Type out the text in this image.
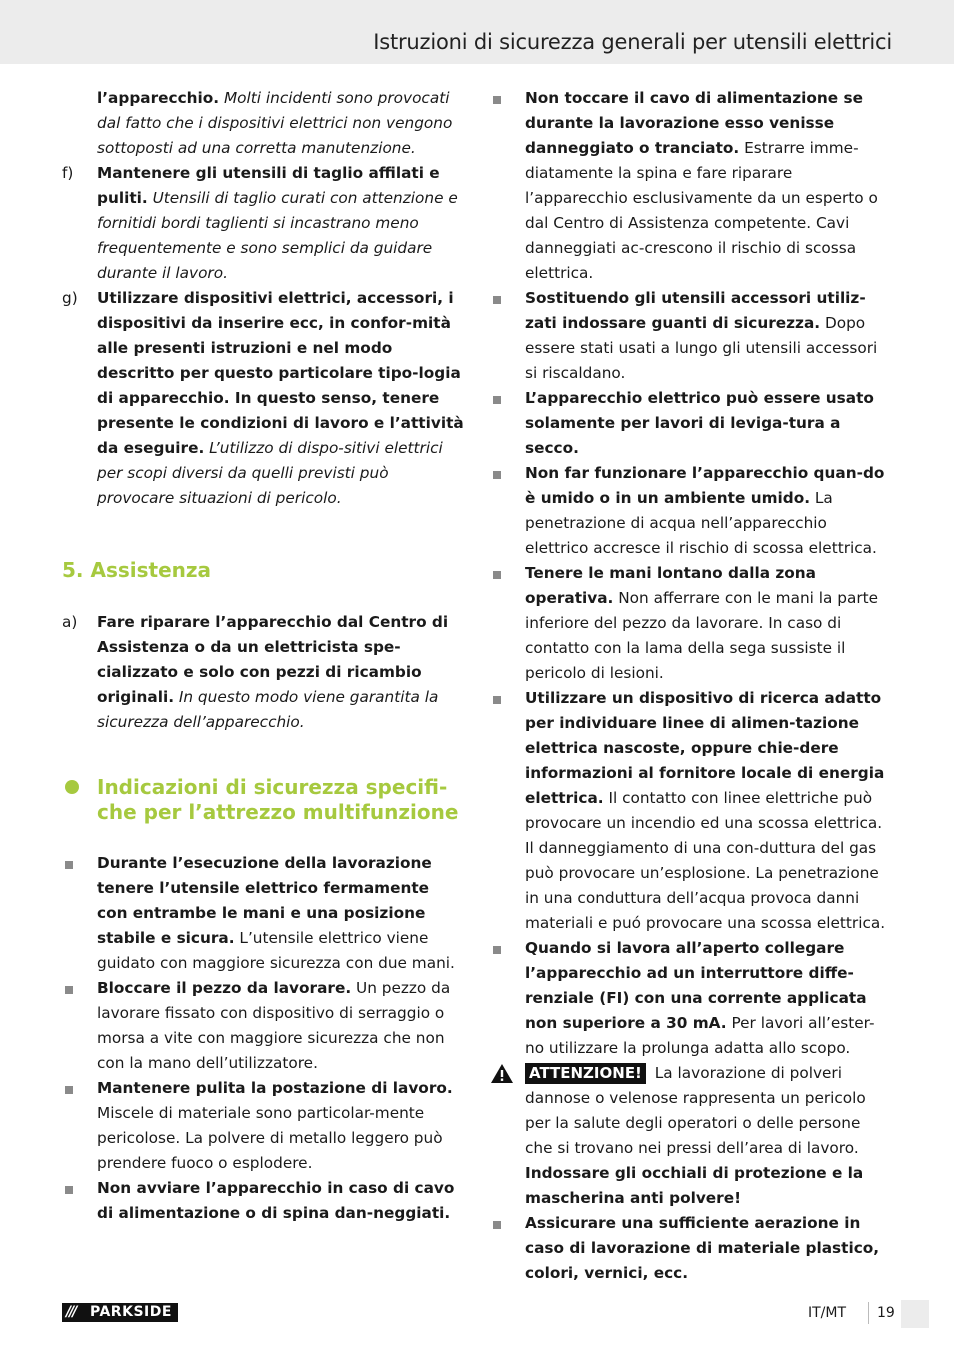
Istruzioni di sicurezza generali per utensili elettrici

l’apparecchio. Molti incidenti sono provocati dal fatto che i dispositivi elettrici non vengono sottoposti ad una corretta manutenzione.

f)	Mantenere gli utensili di taglio affilati e puliti. Utensili di taglio curati con attenzione e fornitidi bordi taglienti si incastrano meno frequentemente e sono semplici da guidare durante il lavoro.

g)	Utilizzare dispositivi elettrici, accessori, i dispositivi da inserire ecc, in confor-mità alle presenti istruzioni e nel modo descritto per questo particolare tipo-logia di apparecchio. In questo senso, tenere presente le condizioni di lavoro e l’attività da eseguire. L’utilizzo di dispo-sitivi elettrici per scopi diversi da quelli previsti può provocare situazioni di pericolo.

5. Assistenza

a)	Fare riparare l’apparecchio dal Centro di Assistenza o da un elettricista spe-cializzato e solo con pezzi di ricambio originali. In questo modo viene garantita la sicurezza dell’apparecchio.

Indicazioni di sicurezza specifi-che per l’attrezzo multifunzione

Durante l’esecuzione della lavorazione tenere l’utensile elettrico fermamente con entrambe le mani e una posizione stabile e sicura. L’utensile elettrico viene guidato con maggiore sicurezza con due mani.

Bloccare il pezzo da lavorare. Un pezzo da lavorare fissato con dispositivo di serraggio o morsa a vite con maggiore sicurezza che non con la mano dell’utilizzatore.

Mantenere pulita la postazione di lavoro. Miscele di materiale sono particolar-mente pericolose. La polvere di metallo leggero può prendere fuoco o esplodere.

Non avviare l’apparecchio in caso di cavo di alimentazione o di spina dan-neggiati.

Non toccare il cavo di alimentazione se durante la lavorazione esso venisse danneggiato o tranciato. Estrarre imme-diatamente la spina e fare riparare l’apparecchio esclusivamente da un esperto o dal Centro di Assistenza competente. Cavi danneggiati ac-crescono il rischio di scossa elettrica.

Sostituendo gli utensili accessori utiliz-zati indossare guanti di sicurezza. Dopo essere stati usati a lungo gli utensili accessori si riscaldano.

L’apparecchio elettrico può essere usato solamente per lavori di leviga-tura a secco.

Non far funzionare l’apparecchio quan-do è umido o in un ambiente umido. La penetrazione di acqua nell’apparecchio elettrico accresce il rischio di scossa elettrica.

Tenere le mani lontano dalla zona operativa. Non afferrare con le mani la parte inferiore del pezzo da lavorare. In caso di contatto con la lama della sega sussiste il pericolo di lesioni.

Utilizzare un dispositivo di ricerca adatto per individuare linee di alimen-tazione elettrica nascoste, oppure chie-dere informazioni al fornitore locale di energia elettrica. Il contatto con linee elettriche può provocare un incendio ed una scossa elettrica. Il danneggiamento di una con-duttura del gas può provocare un’esplosione. La penetrazione in una conduttura dell’acqua provoca danni materiali e puó provocare una scossa elettrica.

Quando si lavora all’aperto collegare l’apparecchio ad un interruttore diffe-renziale (FI) con una corrente applicata non superiore a 30 mA. Per lavori all’ester-no utilizzare la prolunga adatta allo scopo.

ATTENZIONE! La lavorazione di polveri dannose o velenose rappresenta un pericolo per la salute degli operatori o delle persone che si trovano nei pressi dell’area di lavoro. Indossare gli occhiali di protezione e la mascherina anti polvere!

Assicurare una sufficiente aerazione in caso di lavorazione di materiale plastico, colori, vernici, ecc.

/// PARKSIDE	IT/MT 19
